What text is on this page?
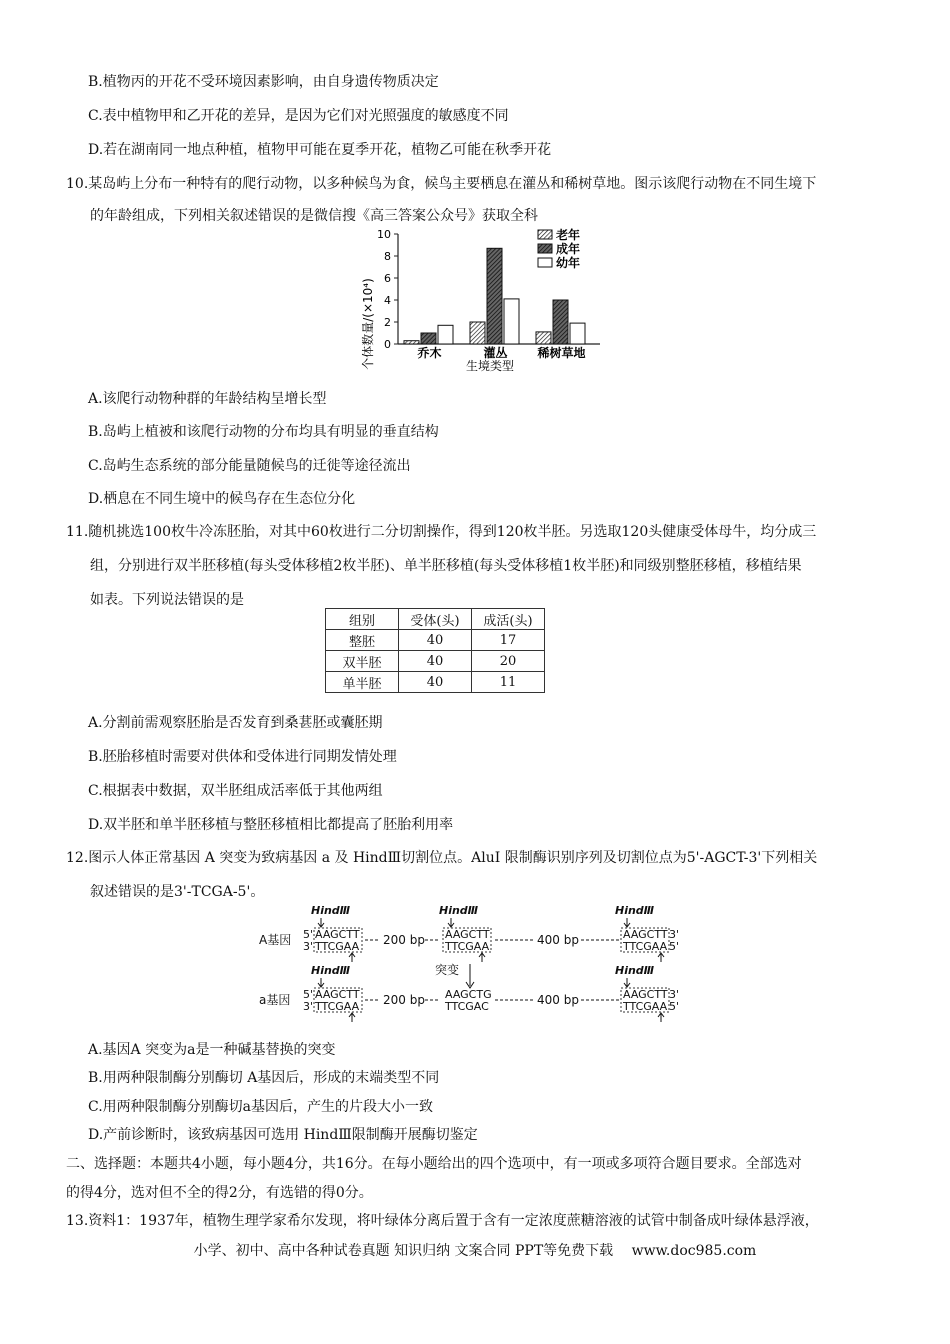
B.植物丙的开花不受环境因素影响，由自身遗传物质决定
C.表中植物甲和乙开花的差异，是因为它们对光照强度的敏感度不同
D.若在湖南同一地点种植，植物甲可能在夏季开花，植物乙可能在秋季开花
10.某岛屿上分布一种特有的爬行动物，以多种候鸟为食，候鸟主要栖息在灌丛和稀树草地。图示该爬行动物在不同生境下
的年龄组成，下列相关叙述错误的是微信搜《高三答案公众号》获取全科
个体数量/(×10⁴) 0
2
4
6
8
10
乔木	灌丛 稀树草地
生境类型
老年
成年
幼年
A.该爬行动物种群的年龄结构呈增长型
B.岛屿上植被和该爬行动物的分布均具有明显的垂直结构
C.岛屿生态系统的部分能量随候鸟的迁徙等途径流出
D.栖息在不同生境中的候鸟存在生态位分化
11.随机挑选100枚牛冷冻胚胎，对其中60枚进行二分切割操作，得到120枚半胚。另选取120头健康受体母牛，均分成三
组，分别进行双半胚移植(每头受体移植2枚半胚)、单半胚移植(每头受体移植1枚半胚)和同级别整胚移植，移植结果
如表。下列说法错误的是
组别	受体(头)	成活(头)
整胚	40	17
双半胚	40	20
单半胚	40	11
A.分割前需观察胚胎是否发育到桑葚胚或囊胚期
B.胚胎移植时需要对供体和受体进行同期发情处理
C.根据表中数据，双半胚组成活率低于其他两组
D.双半胚和单半胚移植与整胚移植相比都提高了胚胎利用率
12.图示人体正常基因 A 突变为致病基因 a 及 HindⅢ切割位点。AluⅠ 限制酶识别序列及切割位点为5'-AGCT-3'下列相关
叙述错误的是3'-TCGA-5'。
A基因
HindⅢ
5' AAGCTT
3' TTCGAA 200 bp
HindⅢ
AAGCTT
TTCGAA	400 bp
HindⅢ
AAGCTT
TTCGAA
3'
5'
a基因
HindⅢ
5' AAGCTT
3' TTCGAA 200 bp
突变
AAGCTG
TTCGAC	400 bp
HindⅢ
AAGCTT
TTCGAA
3'
5'
A.基因A 突变为a是一种碱基替换的突变
B.用两种限制酶分别酶切 A基因后，形成的末端类型不同
C.用两种限制酶分别酶切a基因后，产生的片段大小一致
D.产前诊断时，该致病基因可选用 HindⅢ限制酶开展酶切鉴定
二、选择题：本题共4小题，每小题4分，共16分。在每小题给出的四个选项中，有一项或多项符合题目要求。全部选对
的得4分，选对但不全的得2分，有选错的得0分。
13.资料1：1937年，植物生理学家希尔发现，将叶绿体分离后置于含有一定浓度蔗糖溶液的试管中制备成叶绿体悬浮液，
小学、初中、高中各种试卷真题 知识归纳 文案合同 PPT等免费下载　 www.doc985.com
